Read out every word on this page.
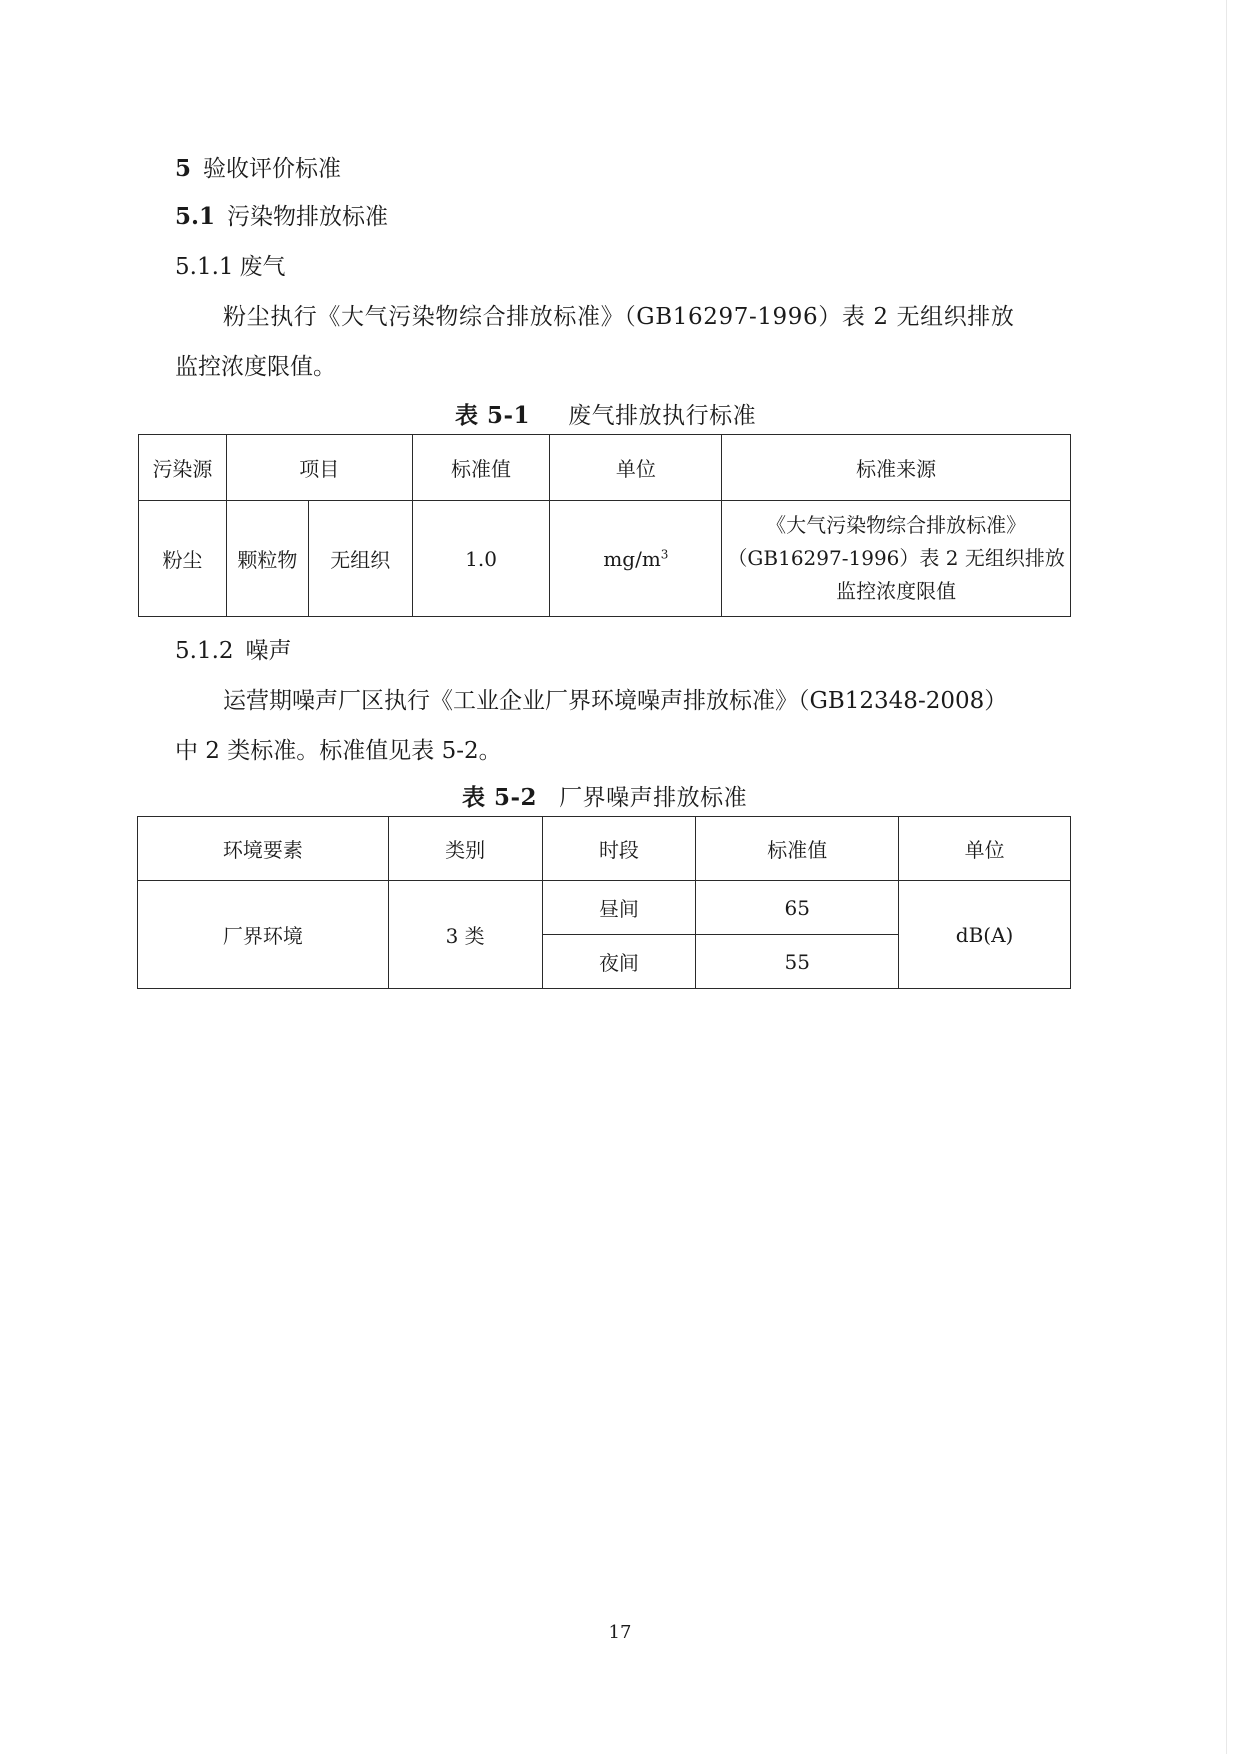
5 验收评价标准
5.1 污染物排放标准
5.1.1 废气
粉尘执行《大气污染物综合排放标准》（GB16297-1996）表 2 无组织排放
监控浓度限值。
表 5-1 废气排放执行标准
污染源	项目		标准值	单位	标准来源
粉尘	颗粒物	无组织	1.0	$mg/m^3$	《大气污染物综合排放标准》
（GB16297-1996）表 2 无组织排放
监控浓度限值
5.1.2 噪声
运营期噪声厂区执行《工业企业厂界环境噪声排放标准》（GB12348-2008）
中 2 类标准。标准值见表 5-2。
表 5-2 厂界噪声排放标准
环境要素	类别	时段	标准值	单位
厂界环境	3 类	昼间	65	dB(A)
		夜间	55	
17
